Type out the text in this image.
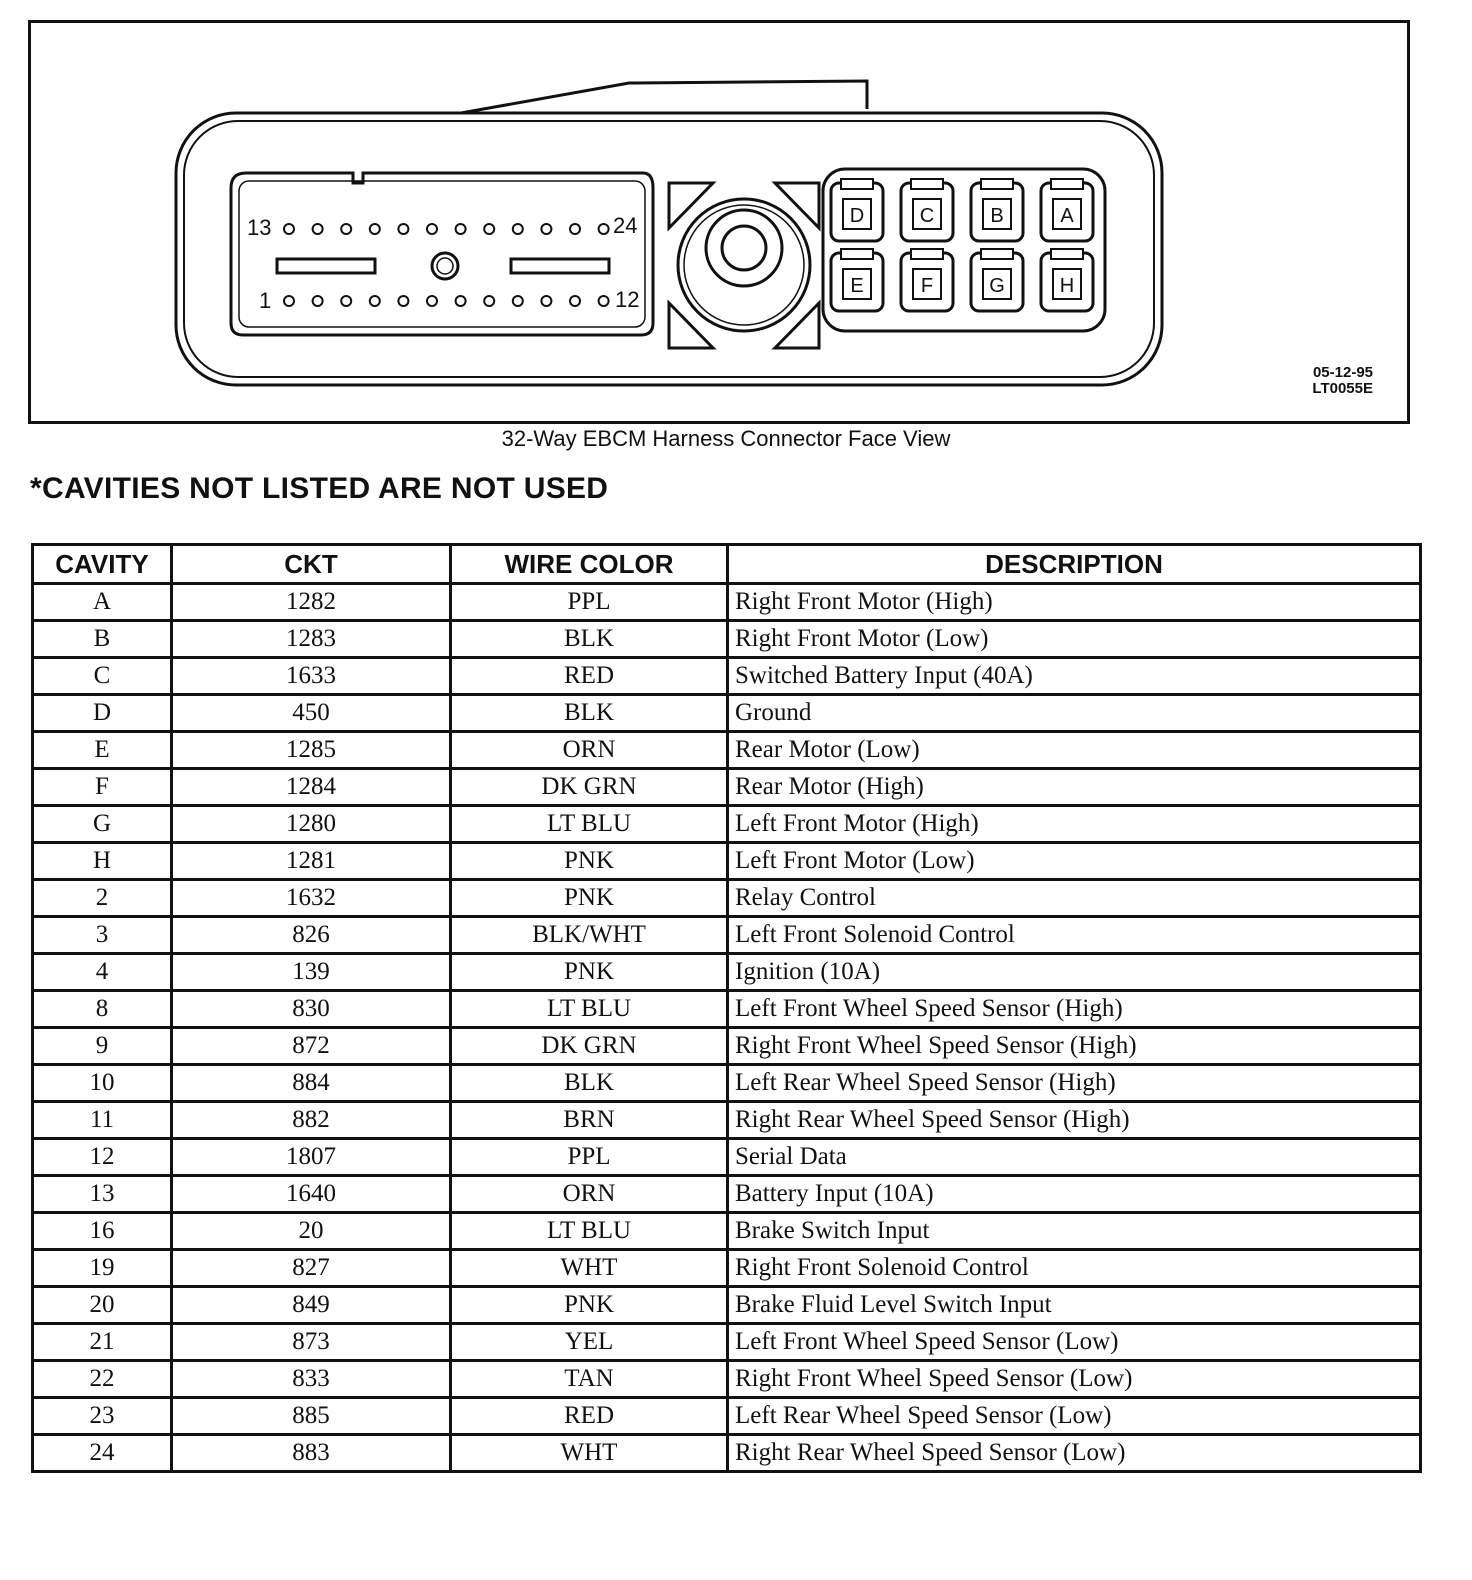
13	24
1	12
D	C	B	A
E	F	G	H
05-12-95
LT0055E
32-Way EBCM Harness Connector Face View
*CAVITIES NOT LISTED ARE NOT USED
CAVITY	CKT	WIRE COLOR	DESCRIPTION
A	1282	PPL	Right Front Motor (High)
B	1283	BLK	Right Front Motor (Low)
C	1633	RED	Switched Battery Input (40A)
D	450	BLK	Ground
E	1285	ORN	Rear Motor (Low)
F	1284	DK GRN	Rear Motor (High)
G	1280	LT BLU	Left Front Motor (High)
H	1281	PNK	Left Front Motor (Low)
2	1632	PNK	Relay Control
3	826	BLK/WHT	Left Front Solenoid Control
4	139	PNK	Ignition (10A)
8	830	LT BLU	Left Front Wheel Speed Sensor (High)
9	872	DK GRN	Right Front Wheel Speed Sensor (High)
10	884	BLK	Left Rear Wheel Speed Sensor (High)
11	882	BRN	Right Rear Wheel Speed Sensor (High)
12	1807	PPL	Serial Data
13	1640	ORN	Battery Input (10A)
16	20	LT BLU	Brake Switch Input
19	827	WHT	Right Front Solenoid Control
20	849	PNK	Brake Fluid Level Switch Input
21	873	YEL	Left Front Wheel Speed Sensor (Low)
22	833	TAN	Right Front Wheel Speed Sensor (Low)
23	885	RED	Left Rear Wheel Speed Sensor (Low)
24	883	WHT	Right Rear Wheel Speed Sensor (Low)
